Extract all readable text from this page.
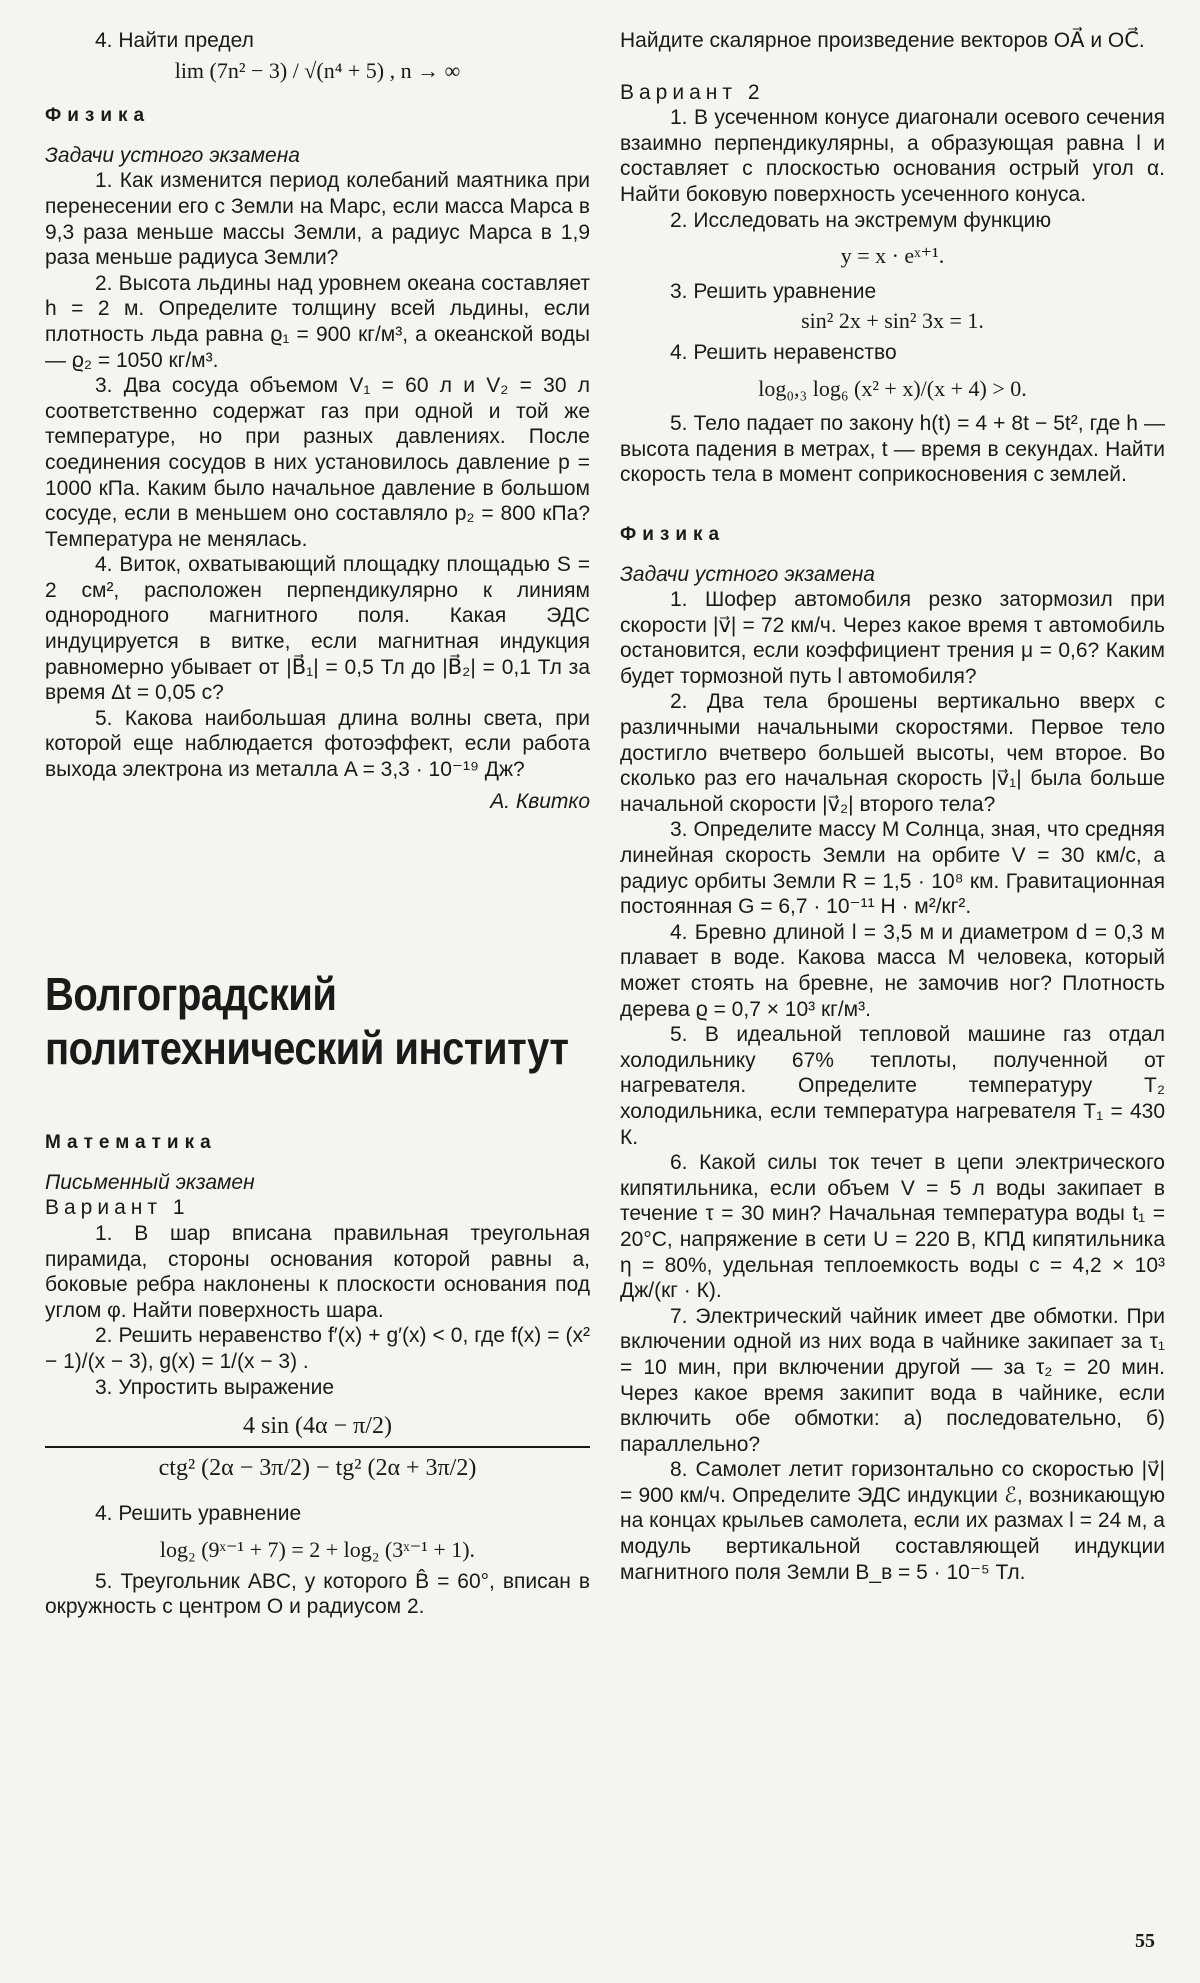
4. Найти предел

lim (7n² − 3) / √(n⁴ + 5) , n → ∞

Физика

Задачи устного экзамена

1. Как изменится период колебаний маятника при перенесении его с Земли на Марс, если масса Марса в 9,3 раза меньше массы Земли, а радиус Марса в 1,9 раза меньше радиуса Земли?

2. Высота льдины над уровнем океана составляет h = 2 м. Определите толщину всей льдины, если плотность льда равна ϱ₁ = 900 кг/м³, а океанской воды — ϱ₂ = 1050 кг/м³.

3. Два сосуда объемом V₁ = 60 л и V₂ = 30 л соответственно содержат газ при одной и той же температуре, но при разных давлениях. После соединения сосудов в них установилось давление p = 1000 кПа. Каким было начальное давление в большом сосуде, если в меньшем оно составляло p₂ = 800 кПа? Температура не менялась.

4. Виток, охватывающий площадку площадью S = 2 см², расположен перпендикулярно к линиям однородного магнитного поля. Какая ЭДС индуцируется в витке, если магнитная индукция равномерно убывает от |B⃗₁| = 0,5 Тл до |B⃗₂| = 0,1 Тл за время Δt = 0,05 с?

5. Какова наибольшая длина волны света, при которой еще наблюдается фотоэффект, если работа выхода электрона из металла A = 3,3 · 10⁻¹⁹ Дж?

А. Квитко

Волгоградский

политехнический институт

Математика

Письменный экзамен

Вариант 1

1. В шар вписана правильная треугольная пирамида, стороны основания которой равны a, боковые ребра наклонены к плоскости основания под углом φ. Найти поверхность шара.

2. Решить неравенство f′(x) + g′(x) < 0, где f(x) = (x² − 1)/(x − 3), g(x) = 1/(x − 3) .

3. Упростить выражение

4 sin (4α − π/2)
ctg² (2α − 3π/2) − tg² (2α + 3π/2)

4. Решить уравнение

log₂ (9ˣ⁻¹ + 7) = 2 + log₂ (3ˣ⁻¹ + 1).

5. Треугольник ABC, у которого B̂ = 60°, вписан в окружность с центром O и радиусом 2.

Найдите скалярное произведение векторов OA⃗ и OC⃗.

Вариант 2

1. В усеченном конусе диагонали осевого сечения взаимно перпендикулярны, а образующая равна l и составляет с плоскостью основания острый угол α. Найти боковую поверхность усеченного конуса.

2. Исследовать на экстремум функцию

y = x · eˣ⁺¹.

3. Решить уравнение

sin² 2x + sin² 3x = 1.

4. Решить неравенство

log₀,₃ log₆ (x² + x)/(x + 4) > 0.

5. Тело падает по закону h(t) = 4 + 8t − 5t², где h — высота падения в метрах, t — время в секундах. Найти скорость тела в момент соприкосновения с землей.

Физика

Задачи устного экзамена

1. Шофер автомобиля резко затормозил при скорости |v⃗| = 72 км/ч. Через какое время τ автомобиль остановится, если коэффициент трения μ = 0,6? Каким будет тормозной путь l автомобиля?

2. Два тела брошены вертикально вверх с различными начальными скоростями. Первое тело достигло вчетверо большей высоты, чем второе. Во сколько раз его начальная скорость |v⃗₁| была больше начальной скорости |v⃗₂| второго тела?

3. Определите массу M Солнца, зная, что средняя линейная скорость Земли на орбите V = 30 км/с, а радиус орбиты Земли R = 1,5 · 10⁸ км. Гравитационная постоянная G = 6,7 · 10⁻¹¹ Н · м²/кг².

4. Бревно длиной l = 3,5 м и диаметром d = 0,3 м плавает в воде. Какова масса M человека, который может стоять на бревне, не замочив ног? Плотность дерева ϱ = 0,7 × 10³ кг/м³.

5. В идеальной тепловой машине газ отдал холодильнику 67% теплоты, полученной от нагревателя. Определите температуру T₂ холодильника, если температура нагревателя T₁ = 430 К.

6. Какой силы ток течет в цепи электрического кипятильника, если объем V = 5 л воды закипает в течение τ = 30 мин? Начальная температура воды t₁ = 20°C, напряжение в сети U = 220 В, КПД кипятильника η = 80%, удельная теплоемкость воды c = 4,2 × 10³ Дж/(кг · К).

7. Электрический чайник имеет две обмотки. При включении одной из них вода в чайнике закипает за τ₁ = 10 мин, при включении другой — за τ₂ = 20 мин. Через какое время закипит вода в чайнике, если включить обе обмотки: а) последовательно, б) параллельно?

8. Самолет летит горизонтально со скоростью |v⃗| = 900 км/ч. Определите ЭДС индукции ℰ, возникающую на концах крыльев самолета, если их размах l = 24 м, а модуль вертикальной составляющей индукции магнитного поля Земли B_в = 5 · 10⁻⁵ Тл.

55
